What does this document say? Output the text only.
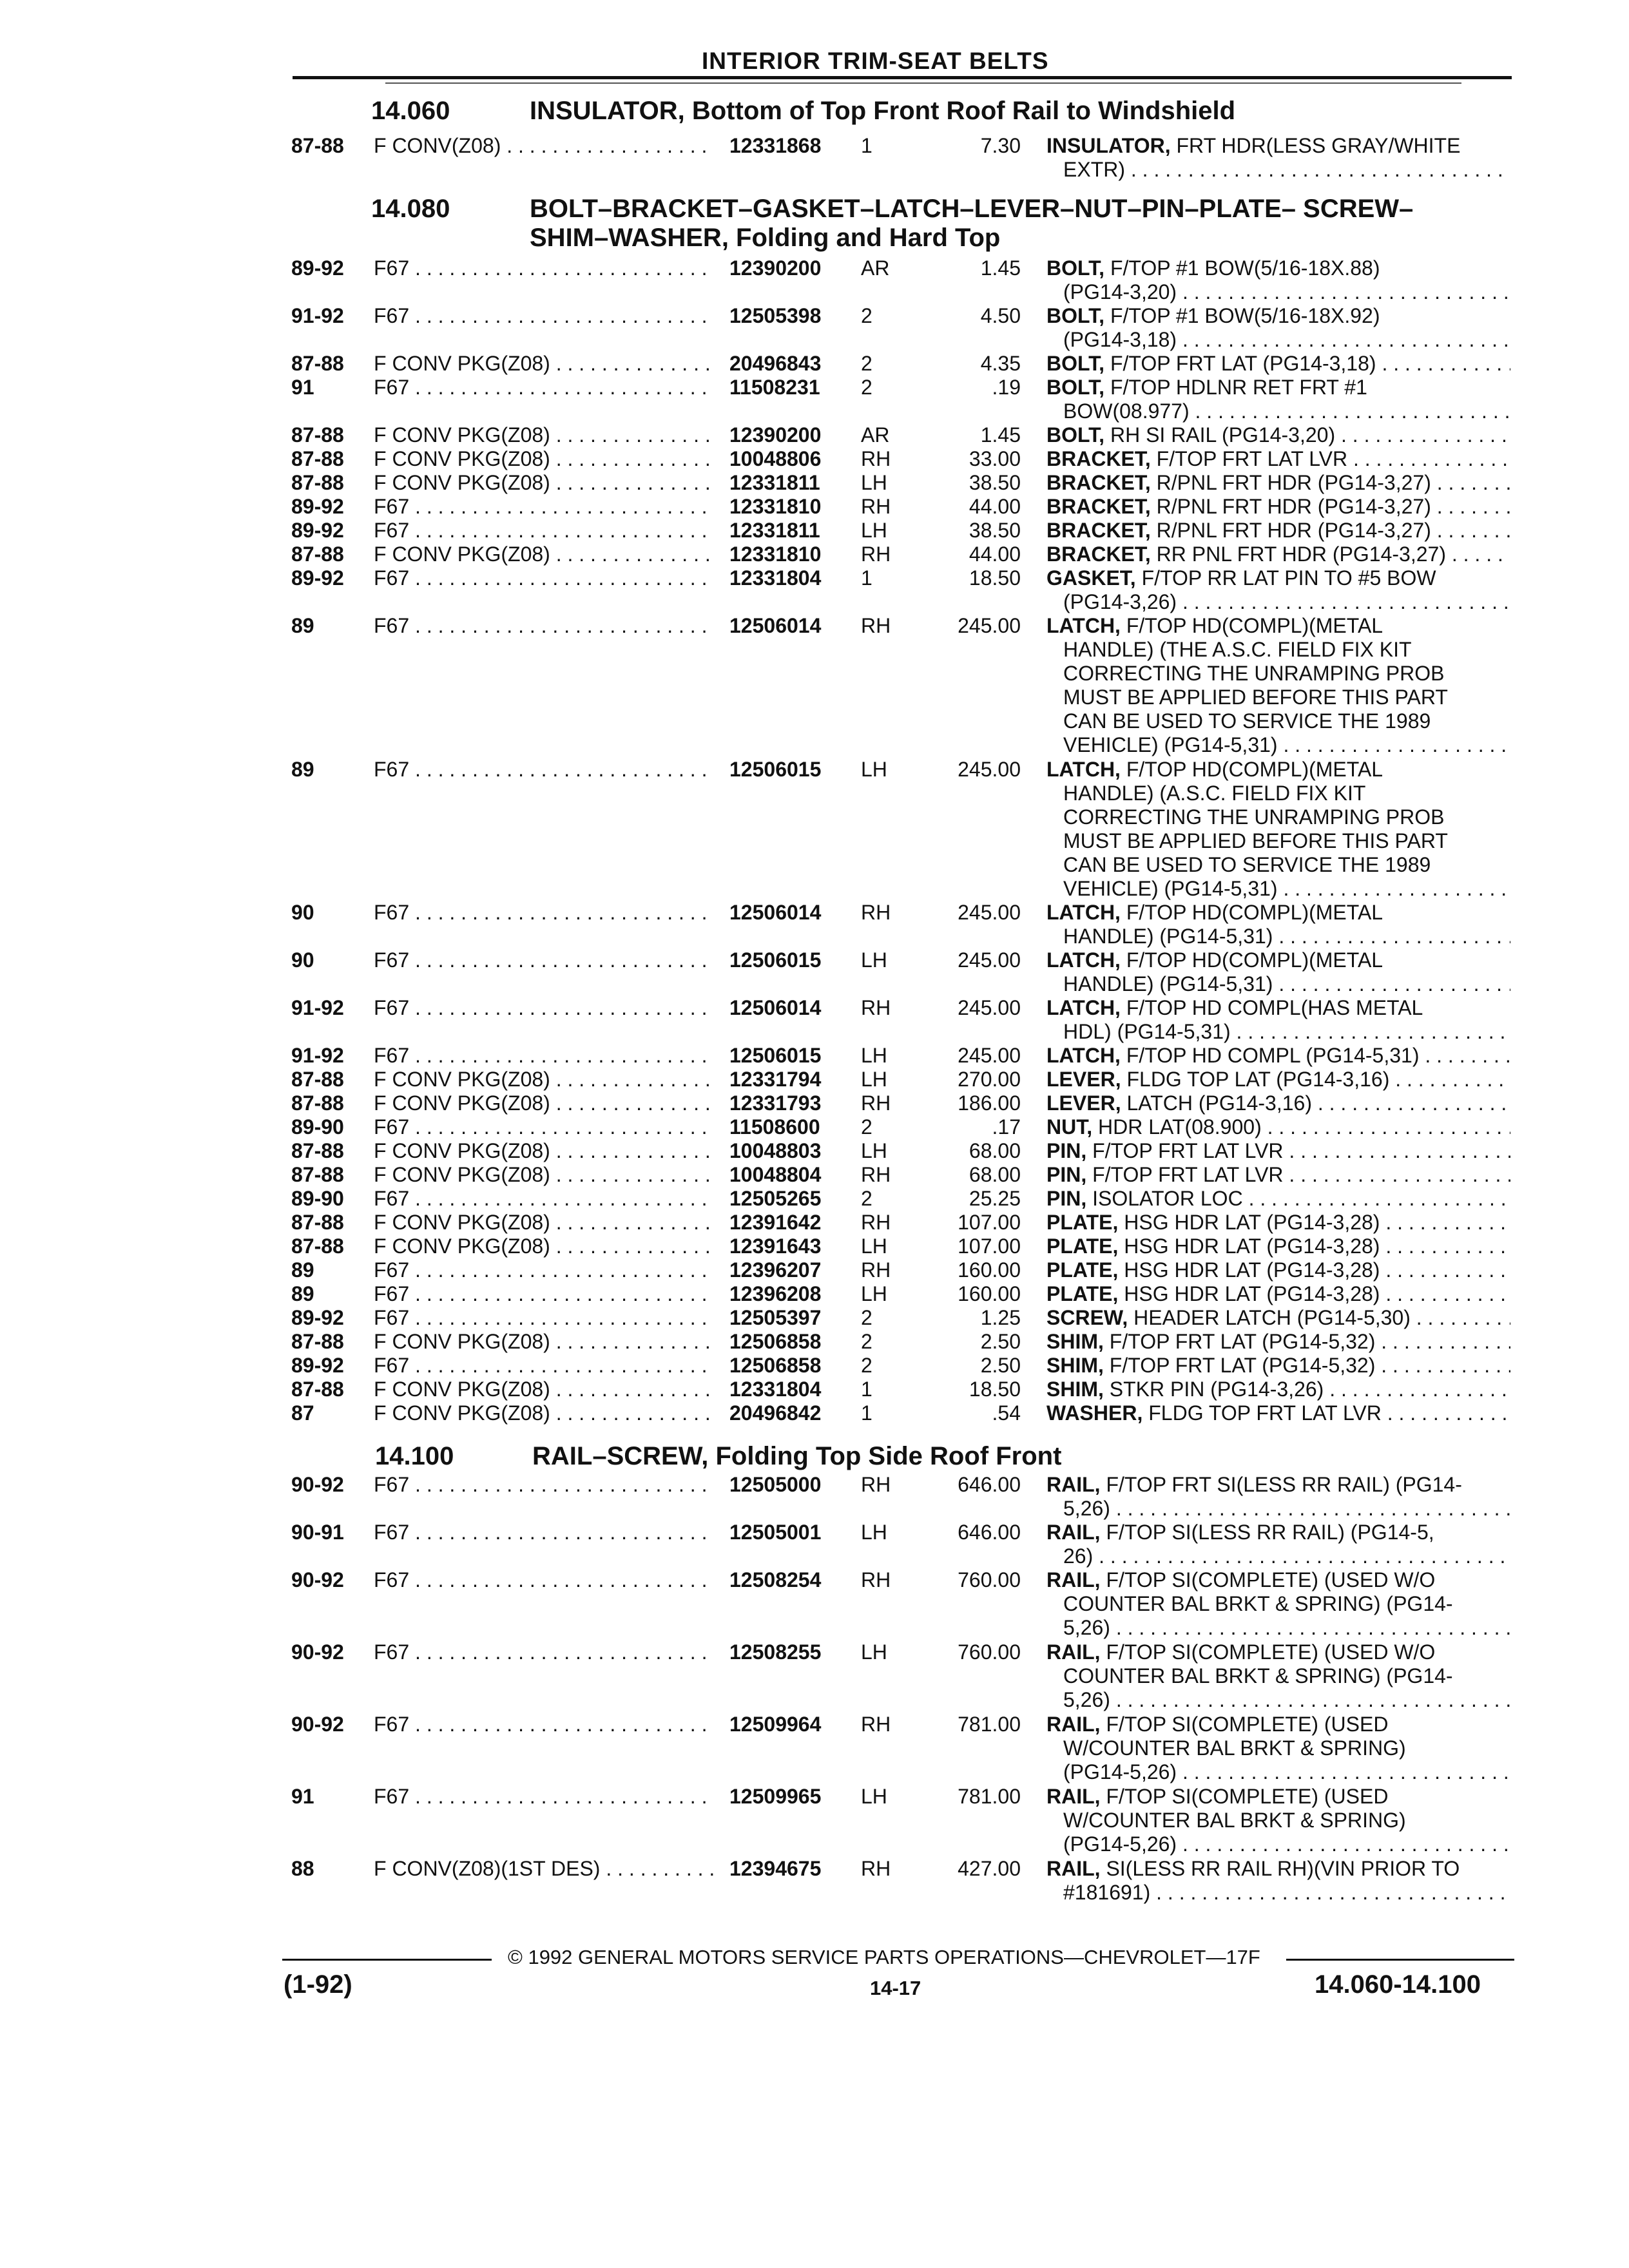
INTERIOR TRIM-SEAT BELTS
14.060	INSULATOR, Bottom of Top Front Roof Rail to Windshield
14.080	BOLT–BRACKET–GASKET–LATCH–LEVER–NUT–PIN–PLATE– SCREW–SHIM–WASHER, Folding and Hard Top
14.100	RAIL–SCREW, Folding Top Side Roof Front
87-88 F CONV(Z08) . . .	12331868 1	7.30 INSULATOR, FRT HDR(LESS GRAY/WHITE
EXTR) . . .
89-92 F67 . . .	12390200 AR	1.45 BOLT, F/TOP #1 BOW(5/16-18X.88)
(PG14-3,20) . . .
91-92 F67 . . .	12505398 2	4.50 BOLT, F/TOP #1 BOW(5/16-18X.92)
(PG14-3,18) . . .
87-88 F CONV PKG(Z08) . . .	20496843 2	4.35 BOLT, F/TOP FRT LAT (PG14-3,18) . . .
91	F67 . . .	11508231 2	.19 BOLT, F/TOP HDLNR RET FRT #1
BOW(08.977) . . .
87-88 F CONV PKG(Z08) . . .	12390200 AR	1.45 BOLT, RH SI RAIL (PG14-3,20) . . .
87-88 F CONV PKG(Z08) . . .	10048806 RH	33.00 BRACKET, F/TOP FRT LAT LVR . . .
87-88 F CONV PKG(Z08) . . .	12331811 LH	38.50 BRACKET, R/PNL FRT HDR (PG14-3,27) . . .
89-92 F67 . . .	12331810 RH	44.00 BRACKET, R/PNL FRT HDR (PG14-3,27) . . .
89-92 F67 . . .	12331811 LH	38.50 BRACKET, R/PNL FRT HDR (PG14-3,27) . . .
87-88 F CONV PKG(Z08) . . .	12331810 RH	44.00 BRACKET, RR PNL FRT HDR (PG14-3,27) . . .
89-92 F67 . . .	12331804 1	18.50 GASKET, F/TOP RR LAT PIN TO #5 BOW
(PG14-3,26) . . .
89	F67 . . .	12506014 RH	245.00 LATCH, F/TOP HD(COMPL)(METAL
HANDLE) (THE A.S.C. FIELD FIX KIT
CORRECTING THE UNRAMPING PROB
MUST BE APPLIED BEFORE THIS PART
CAN BE USED TO SERVICE THE 1989
VEHICLE) (PG14-5,31) . . .
89	F67 . . .	12506015 LH	245.00 LATCH, F/TOP HD(COMPL)(METAL
HANDLE) (A.S.C. FIELD FIX KIT
CORRECTING THE UNRAMPING PROB
MUST BE APPLIED BEFORE THIS PART
CAN BE USED TO SERVICE THE 1989
VEHICLE) (PG14-5,31) . . .
90	F67 . . .	12506014 RH	245.00 LATCH, F/TOP HD(COMPL)(METAL
HANDLE) (PG14-5,31) . . .
90	F67 . . .	12506015 LH	245.00 LATCH, F/TOP HD(COMPL)(METAL
HANDLE) (PG14-5,31) . . .
91-92 F67 . . .	12506014 RH	245.00 LATCH, F/TOP HD COMPL(HAS METAL
HDL) (PG14-5,31) . . .
91-92 F67 . . .	12506015 LH	245.00 LATCH, F/TOP HD COMPL (PG14-5,31) . . .
87-88 F CONV PKG(Z08) . . .	12331794 LH	270.00 LEVER, FLDG TOP LAT (PG14-3,16) . . .
87-88 F CONV PKG(Z08) . . .	12331793 RH	186.00 LEVER, LATCH (PG14-3,16) . . .
89-90 F67 . . .	11508600 2	.17 NUT, HDR LAT(08.900) . . .
87-88 F CONV PKG(Z08) . . .	10048803 LH	68.00 PIN, F/TOP FRT LAT LVR . . .
87-88 F CONV PKG(Z08) . . .	10048804 RH	68.00 PIN, F/TOP FRT LAT LVR . . .
89-90 F67 . . .	12505265 2	25.25 PIN, ISOLATOR LOC . . .
87-88 F CONV PKG(Z08) . . .	12391642 RH	107.00 PLATE, HSG HDR LAT (PG14-3,28) . . .
87-88 F CONV PKG(Z08) . . .	12391643 LH	107.00 PLATE, HSG HDR LAT (PG14-3,28) . . .
89	F67 . . .	12396207 RH	160.00 PLATE, HSG HDR LAT (PG14-3,28) . . .
89	F67 . . .	12396208 LH	160.00 PLATE, HSG HDR LAT (PG14-3,28) . . .
89-92 F67 . . .	12505397 2	1.25 SCREW, HEADER LATCH (PG14-5,30) . . .
87-88 F CONV PKG(Z08) . . .	12506858 2	2.50 SHIM, F/TOP FRT LAT (PG14-5,32) . . .
89-92 F67 . . .	12506858 2	2.50 SHIM, F/TOP FRT LAT (PG14-5,32) . . .
87-88 F CONV PKG(Z08) . . .	12331804 1	18.50 SHIM, STKR PIN (PG14-3,26) . . .
87	F CONV PKG(Z08) . . .	20496842 1	.54 WASHER, FLDG TOP FRT LAT LVR . . .
90-92 F67 . . .	12505000 RH	646.00 RAIL, F/TOP FRT SI(LESS RR RAIL) (PG14-
5,26) . . .
90-91 F67 . . .	12505001 LH	646.00 RAIL, F/TOP SI(LESS RR RAIL) (PG14-5,
26) . . .
90-92 F67 . . .	12508254 RH	760.00 RAIL, F/TOP SI(COMPLETE) (USED W/O
COUNTER BAL BRKT & SPRING) (PG14-
5,26) . . .
90-92 F67 . . .	12508255 LH	760.00 RAIL, F/TOP SI(COMPLETE) (USED W/O
COUNTER BAL BRKT & SPRING) (PG14-
5,26) . . .
90-92 F67 . . .	12509964 RH	781.00 RAIL, F/TOP SI(COMPLETE) (USED
W/COUNTER BAL BRKT & SPRING)
(PG14-5,26) . . .
91	F67 . . .	12509965 LH	781.00 RAIL, F/TOP SI(COMPLETE) (USED
W/COUNTER BAL BRKT & SPRING)
(PG14-5,26) . . .
88	F CONV(Z08)(1ST DES) . . .	12394675 RH	427.00 RAIL, SI(LESS RR RAIL RH)(VIN PRIOR TO
#181691) . . .
© 1992 GENERAL MOTORS SERVICE PARTS OPERATIONS—CHEVROLET—17F
(1-92)	14-17	14.060-14.100
